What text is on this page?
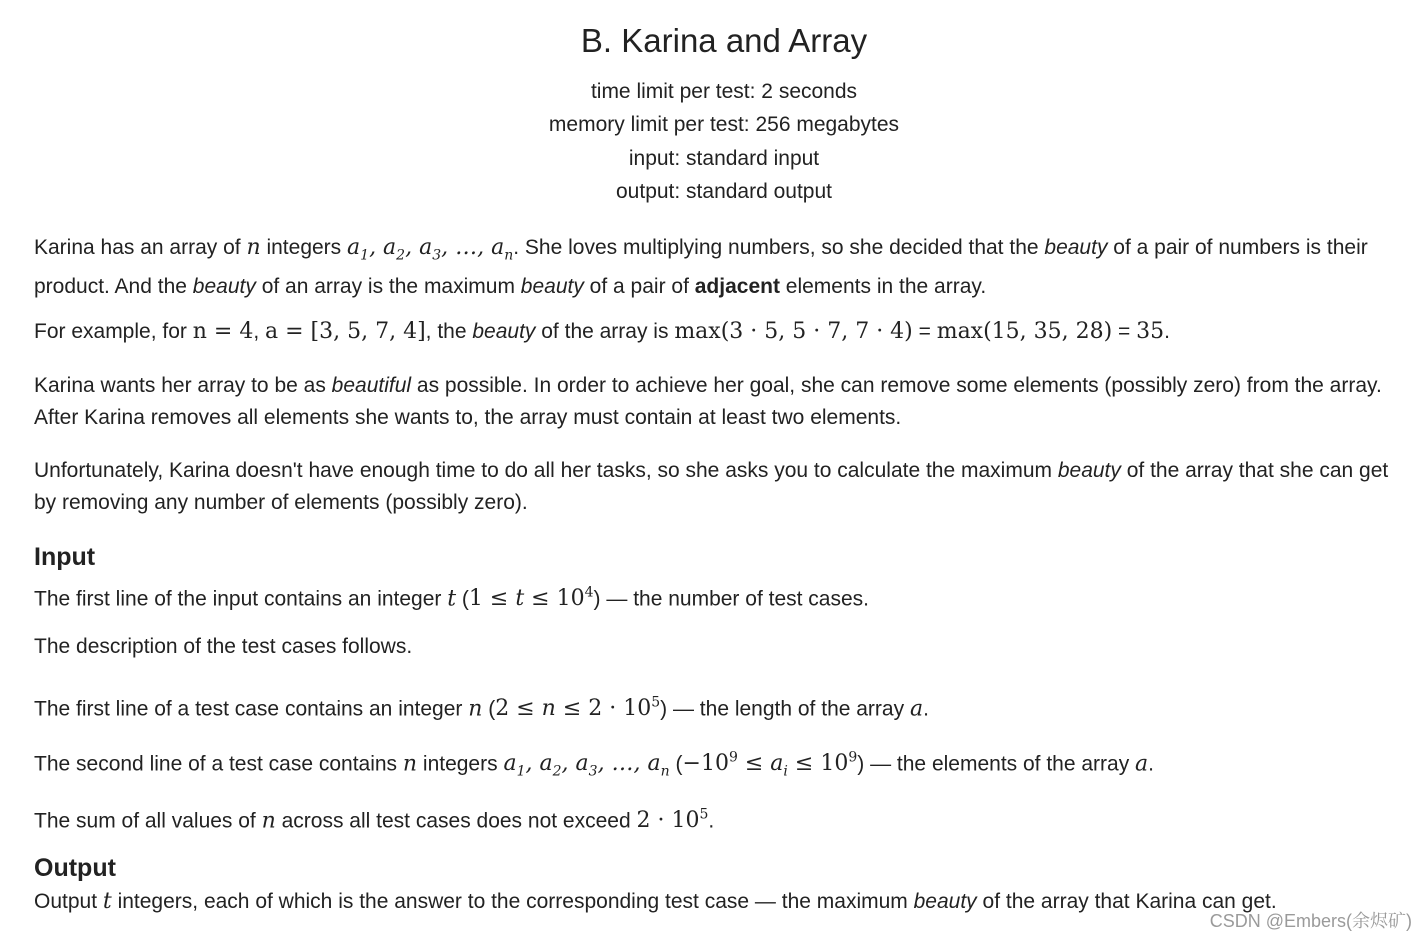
B. Karina and Array
time limit per test: 2 seconds
memory limit per test: 256 megabytes
input: standard input
output: standard output
Karina has an array of n integers $a_1$, $a_2$, $a_3$, …, $a_n$. She loves multiplying numbers, so she decided that the beauty of a pair of numbers is their product. And the beauty of an array is the maximum beauty of a pair of adjacent elements in the array.
For example, for n = 4, a = [3, 5, 7, 4], the beauty of the array is max(3 · 5, 5 · 7, 7 · 4) = max(15, 35, 28) = 35.
Karina wants her array to be as beautiful as possible. In order to achieve her goal, she can remove some elements (possibly zero) from the array. After Karina removes all elements she wants to, the array must contain at least two elements.
Unfortunately, Karina doesn't have enough time to do all her tasks, so she asks you to calculate the maximum beauty of the array that she can get by removing any number of elements (possibly zero).
Input
The first line of the input contains an integer t $(1 \le t \le 10^4)$ — the number of test cases.
The description of the test cases follows.
The first line of a test case contains an integer n $(2 \le n \le 2 \cdot 10^5)$ — the length of the array a.
The second line of a test case contains n integers $a_1$, $a_2$, $a_3$, …, $a_n$ $(-10^9 \le a_i \le 10^9)$ — the elements of the array a.
The sum of all values of n across all test cases does not exceed $2 \cdot 10^5$.
Output
Output t integers, each of which is the answer to the corresponding test case — the maximum beauty of the array that Karina can get.
CSDN @Embers(余烬矿)
